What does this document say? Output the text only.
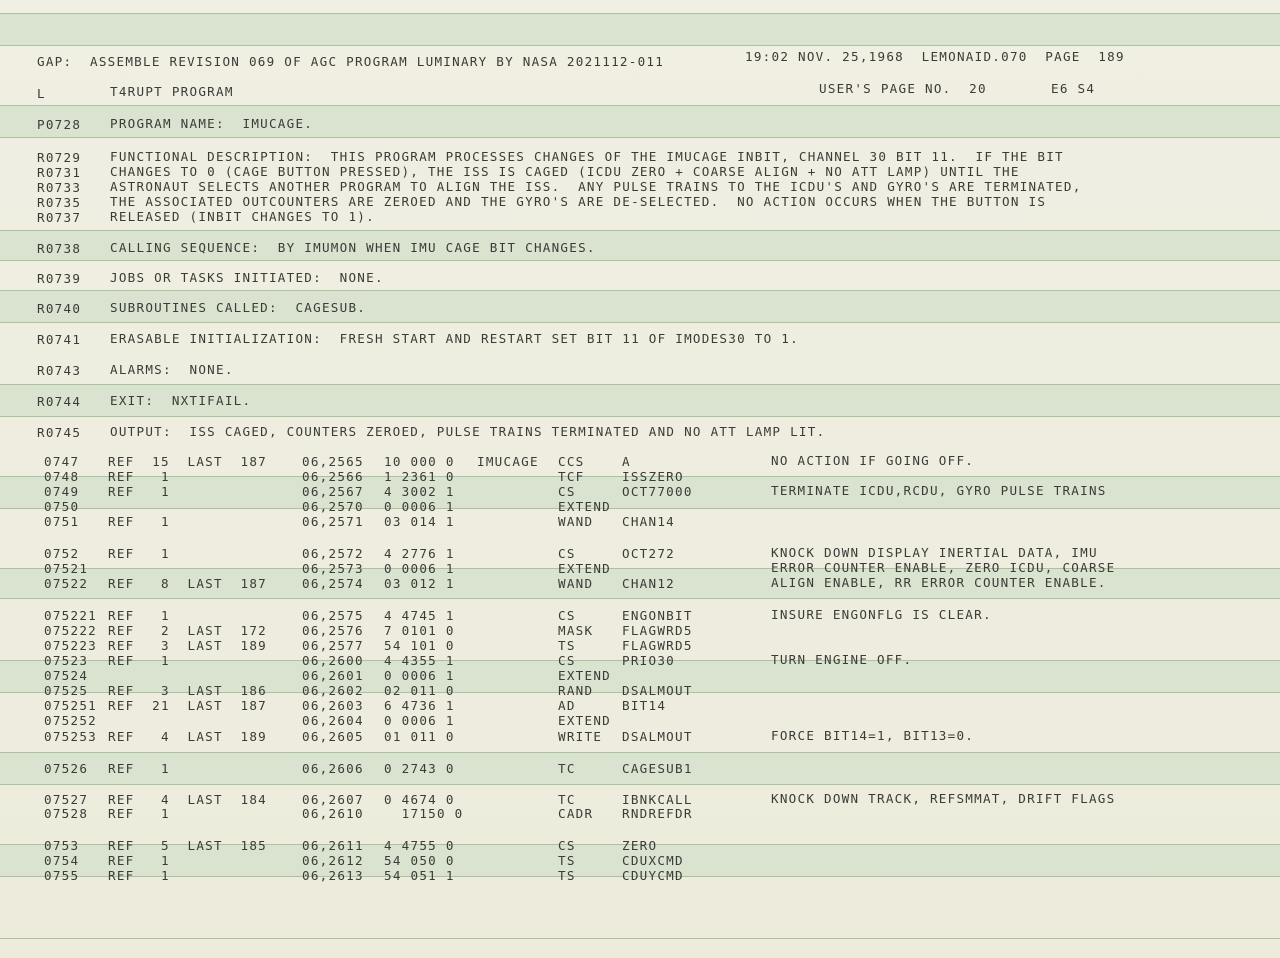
GAP:  ASSEMBLE REVISION 069 OF AGC PROGRAM LUMINARY BY NASA 2021112-011	19:02 NOV. 25,1968  LEMONAID.070  PAGE  189
L	T4RUPT PROGRAM	USER'S PAGE NO.  20	E6 S4
P0728 PROGRAM NAME:  IMUCAGE.
R0729 FUNCTIONAL DESCRIPTION:  THIS PROGRAM PROCESSES CHANGES OF THE IMUCAGE INBIT, CHANNEL 30 BIT 11.  IF THE BIT
R0731 CHANGES TO 0 (CAGE BUTTON PRESSED), THE ISS IS CAGED (ICDU ZERO + COARSE ALIGN + NO ATT LAMP) UNTIL THE
R0733 ASTRONAUT SELECTS ANOTHER PROGRAM TO ALIGN THE ISS.  ANY PULSE TRAINS TO THE ICDU'S AND GYRO'S ARE TERMINATED,
R0735 THE ASSOCIATED OUTCOUNTERS ARE ZEROED AND THE GYRO'S ARE DE-SELECTED.  NO ACTION OCCURS WHEN THE BUTTON IS
R0737 RELEASED (INBIT CHANGES TO 1).
R0738 CALLING SEQUENCE:  BY IMUMON WHEN IMU CAGE BIT CHANGES.
R0739 JOBS OR TASKS INITIATED:  NONE.
R0740 SUBROUTINES CALLED:  CAGESUB.
R0741 ERASABLE INITIALIZATION:  FRESH START AND RESTART SET BIT 11 OF IMODES30 TO 1.
R0743 ALARMS:  NONE.
R0744 EXIT:  NXTIFAIL.
R0745 OUTPUT:  ISS CAGED, COUNTERS ZEROED, PULSE TRAINS TERMINATED AND NO ATT LAMP LIT.
0747 REF  15  LAST  187	06,2565 10 000 0 IMUCAGE CCS	A	NO ACTION IF GOING OFF.
0748 REF   1	06,2566 1 2361 0	TCF	ISSZERO
0749 REF   1	06,2567 4 3002 1	CS	OCT77000	TERMINATE ICDU,RCDU, GYRO PULSE TRAINS
0750	06,2570 0 0006 1	EXTEND
0751 REF   1	06,2571 03 014 1	WAND CHAN14
0752 REF   1	06,2572 4 2776 1	CS	OCT272	KNOCK DOWN DISPLAY INERTIAL DATA, IMU
07521	06,2573 0 0006 1	EXTEND	ERROR COUNTER ENABLE, ZERO ICDU, COARSE
07522 REF   8  LAST  187	06,2574 03 012 1	WAND CHAN12	ALIGN ENABLE, RR ERROR COUNTER ENABLE.
075221 REF   1	06,2575 4 4745 1	CS	ENGONBIT	INSURE ENGONFLG IS CLEAR.
075222 REF   2  LAST  172	06,2576 7 0101 0	MASK FLAGWRD5
075223 REF   3  LAST  189	06,2577 54 101 0	TS	FLAGWRD5
07523 REF   1	06,2600 4 4355 1	CS	PRIO30	TURN ENGINE OFF.
07524	06,2601 0 0006 1	EXTEND
07525 REF   3  LAST  186	06,2602 02 011 0	RAND DSALMOUT
075251 REF  21  LAST  187	06,2603 6 4736 1	AD	BIT14
075252	06,2604 0 0006 1	EXTEND
075253 REF   4  LAST  189	06,2605 01 011 0	WRITE DSALMOUT	FORCE BIT14=1, BIT13=0.
07526 REF   1	06,2606 0 2743 0	TC	CAGESUB1
07527 REF   4  LAST  184	06,2607 0 4674 0	TC	IBNKCALL	KNOCK DOWN TRACK, REFSMMAT, DRIFT FLAGS
07528 REF   1	06,2610 17150 0	CADR RNDREFDR
0753 REF   5  LAST  185	06,2611 4 4755 0	CS	ZERO
0754 REF   1	06,2612 54 050 0	TS	CDUXCMD
0755 REF   1	06,2613 54 051 1	TS	CDUYCMD
